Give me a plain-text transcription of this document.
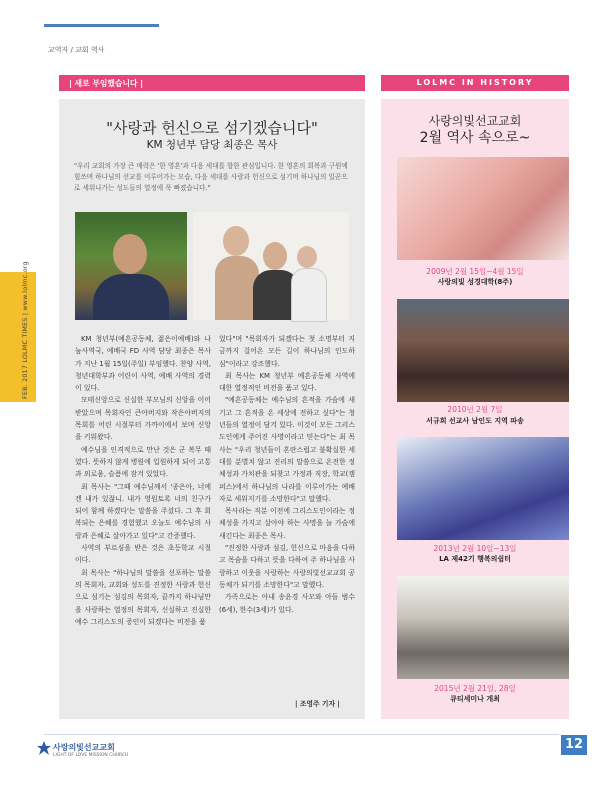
교역자 / 교회 역사
FEB. 2017 LOLMC TIMES | www.lolmc.org
| 새로 부임했습니다 |
"사랑과 헌신으로 섬기겠습니다"
KM 청년부 담당 최종은 목사
"우리 교회의 가장 큰 매력은 '한 영혼'과 다음 세대를 향한 관심입니다. 한 영혼의 회복과 구원에 힘쓰며 하나님의 선교를 이루어가는 모습, 다음 세대를 사랑과 헌신으로 섬기며 하나님의 일꾼으로 세워나가는 성도들의 열정에 푹 빠졌습니다."
KM 청년부(예흔공동체, 젊은이예배)와 나눔사역국, 예배국 FD 사역 담당 최종은 목사가 지난 1월 15일(주일) 부임했다. 찬양 사역, 청년대학부과 어린이 사역, 예배 사역의 경력이 있다.
모태신앙으로 신실한 부모님의 신앙을 이어받았으며 목회자인 큰아버지와 작은아버지의 목회를 어린 시절부터 가까이에서 보며 신앙을 키워왔다.
예수님을 인격적으로 만난 것은 군 복무 때였다. 뜻하지 않게 병원에 입원하게 되어 고통과 외로움, 슬픔에 잠겨 있었다.
최 목사는 "그때 예수님께서 '종은아, 너에겐 내가 있잖니. 내가 영원토록 너의 친구가 되어 함께 하겠다'는 말씀을 주셨다. 그 후 회복되는 은혜를 경험했고 오늘도 예수님의 사랑과 은혜로 살아가고 있다"고 간증했다.
사역의 부르심을 받은 것은 초등학교 시절이다.
최 목사는 "하나님의 말씀을 선포하는 말씀의 목회자, 교회와 성도를 진정한 사랑과 헌신으로 섬기는 섬김의 목회자, 끝까지 하나님만을 사랑하는 열정의 목회자, 신실하고 진실한 예수 그리스도의 증인이 되겠다는 비전을 품
었다"며 "목회자가 되겠다는 첫 소명부터 지금까지 걸어온 모든 길이 하나님의 인도하심"이라고 강조했다.
최 목사는 KM 청년부 예흔공동체 사역에 대한 열정적인 비전을 품고 있다.
"예흔공동체는 예수님의 흔적을 가슴에 새기고 그 흔적을 온 세상에 전하고 싶다"는 청년들의 열정이 담겨 있다. 이것이 모든 그리스도인에게 주어진 사명이라고 믿는다"는 최 목사는 "우리 청년들이 혼란스럽고 불확실한 세대를 분별치 않고 진리의 말씀으로 온전한 정체성과 가치관을 되찾고 가정과 직장, 학교(캠퍼스)에서 하나님의 나라를 이루어가는 예배자로 세워지기를 소망한다"고 말했다.
목사라는 직분 이전에 그리스도인이라는 정체성을 가지고 살아야 하는 사명을 늘 가슴에 새긴다는 최종은 목사.
"진정한 사랑과 섬김, 헌신으로 마음을 다하고 목숨을 다하고 뜻을 다하여 주 하나님을 사랑하고 이웃을 사랑하는 사랑의빛선교교회 공동체가 되기를 소망한다"고 말했다.
가족으로는 아내 송윤경 사모와 아들 범수(6세), 한수(3세)가 있다.
| 조영주 기자 |
LOLMC IN HISTORY
사랑의빛선교교회
2월 역사 속으로~
2009년 2월 15일~4월 15일
사랑의빛 성경대학(8주)
2010년 2월 7일
서규희 선교사 남인도 지역 파송
2013년 2월 10일~13일
LA 제42기 행복의쉼터
2015년 2월 21일, 28일
큐티세미나 개최
사랑의빛선교교회
LIGHT OF LOVE MISSION CHURCH
12
